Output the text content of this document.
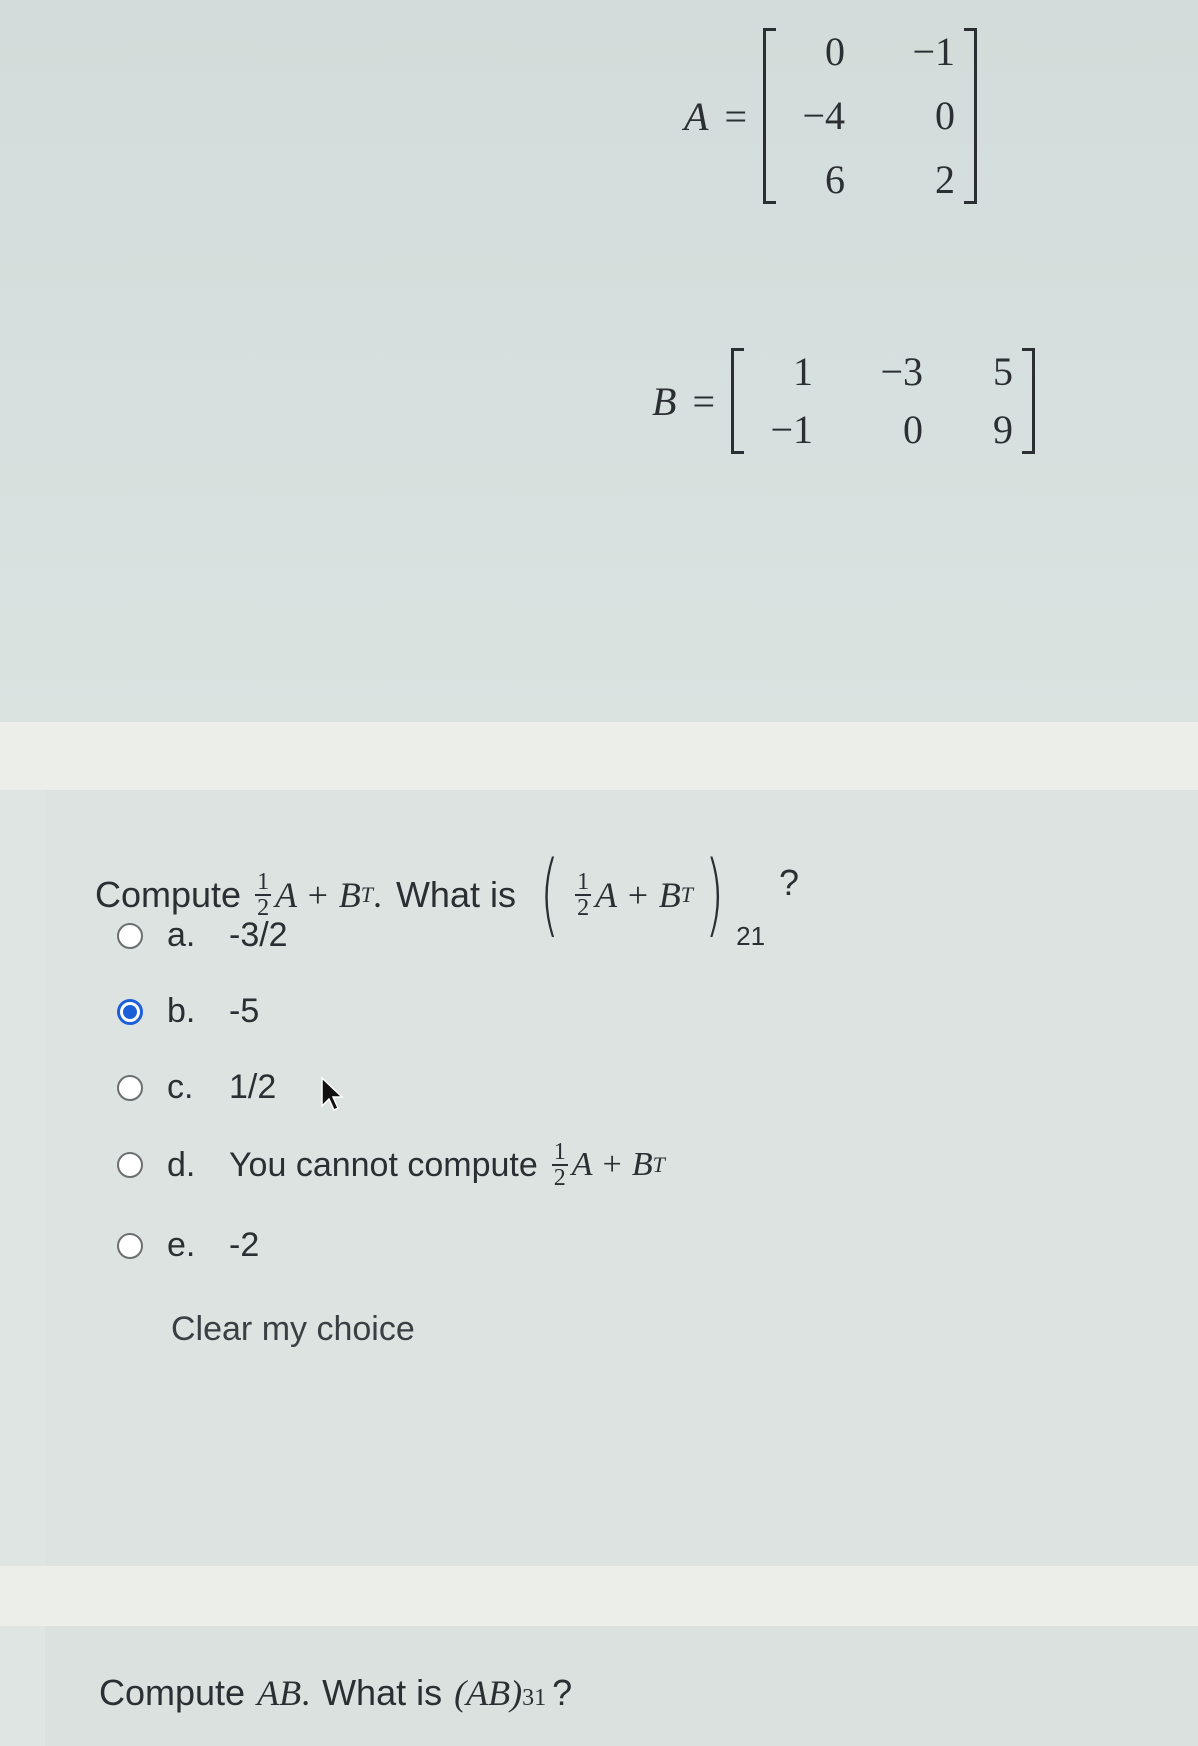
A =
0	−1
−4	0
6	2
B =
1	−3	5
−1	0	9
Compute $\frac{1}{2}$ A + B T . What is ( $\frac{1}{2}$ A + B T ) 21
?
a. -3/2
b. -5
c.	1/2
d. You cannot compute $\frac{1}{2}$ A + B T
e. -2
Clear my choice
Compute AB . What is (AB) 31 ?
